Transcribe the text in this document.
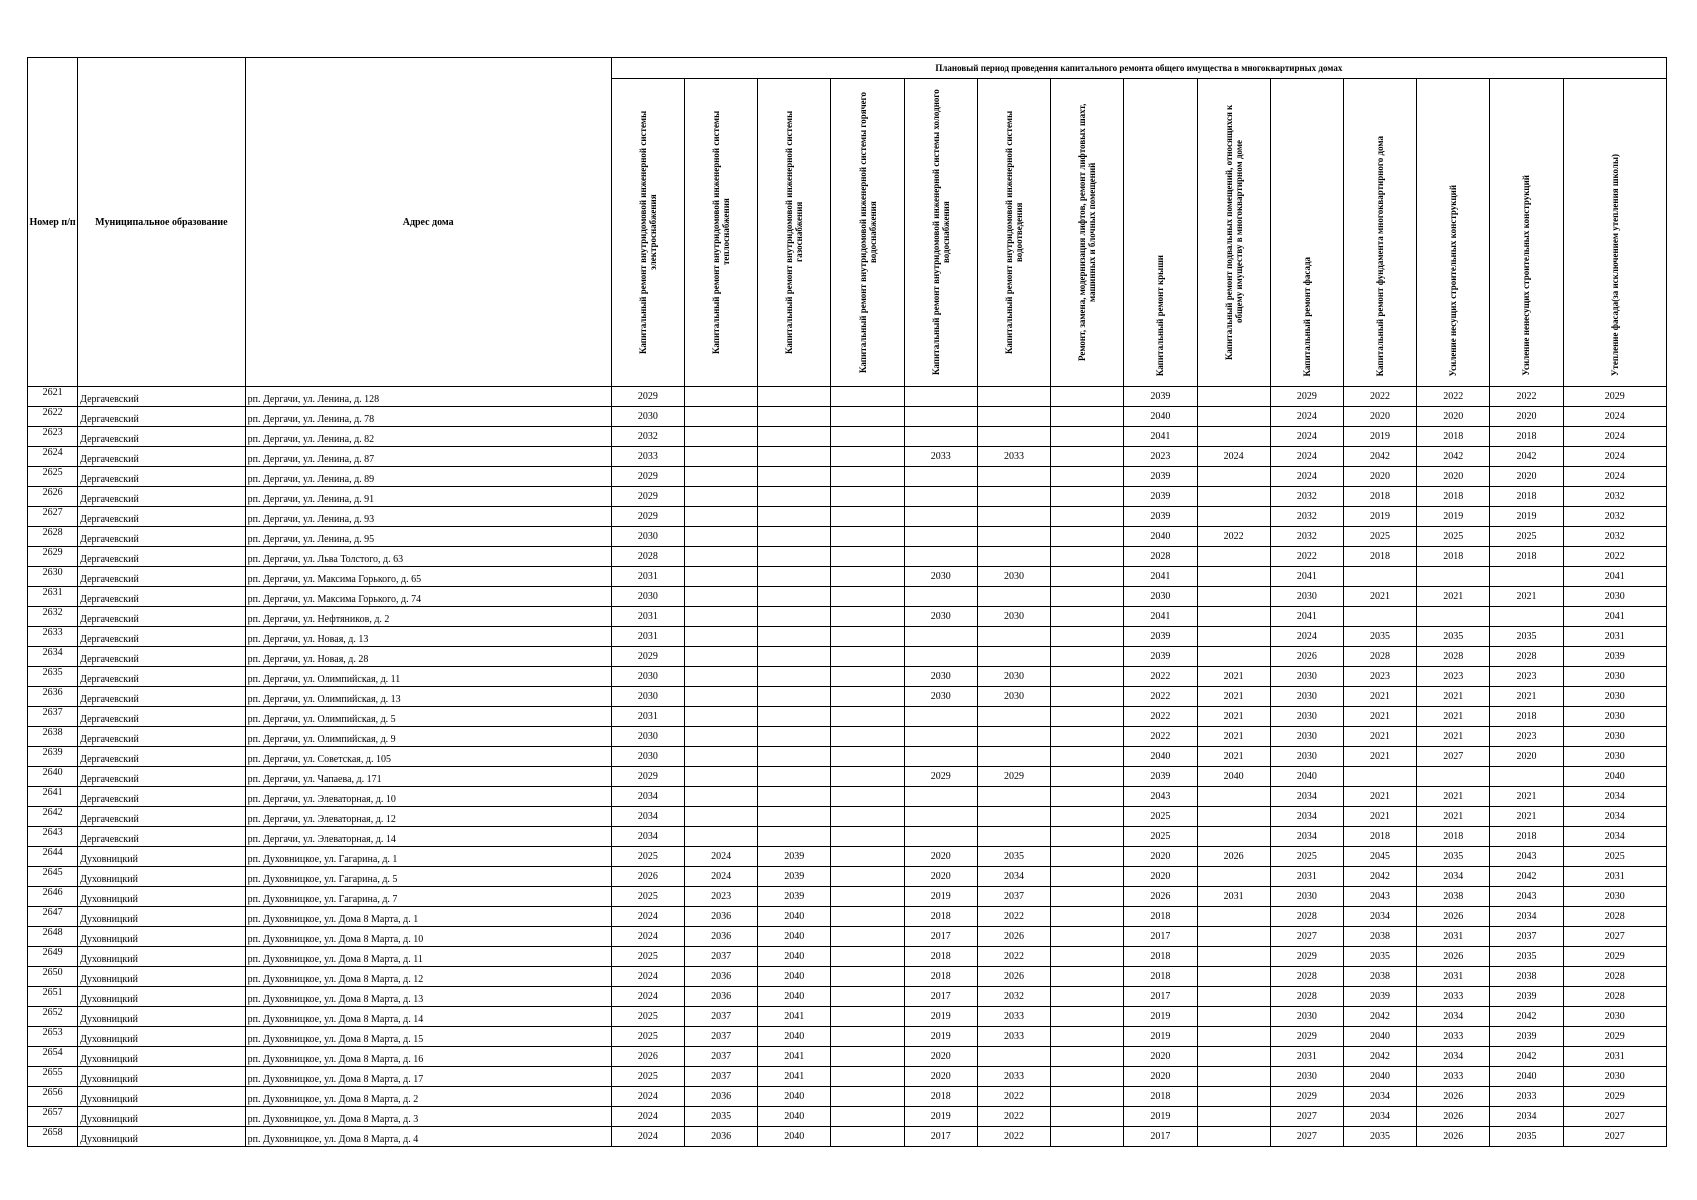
Номер п/п	Муниципальное образование	Адрес дома	Плановый период проведения капитального ремонта общего имущества в многоквартирных домах													
			Капитальный ремонт внутридомовой инженерной системы электроснабжения	Капитальный ремонт внутридомовой инженерной системы теплоснабжения	Капитальный ремонт внутридомовой инженерной системы газоснабжения	Капитальный ремонт внутридомовой инженерной системы горячего водоснабжения	Капитальный ремонт внутридомовой инженерной системы холодного водоснабжения	Капитальный ремонт внутридомовой инженерной системы водоотведения	Ремонт, замена, модернизация лифтов, ремонт лифтовых шахт, машинных и блочных помещений	Капитальный ремонт крыши	Капитальный ремонт подвальных помещений, относящихся к общему имуществу в многоквартирном доме	Капитальный ремонт фасада	Капитальный ремонт фундамента многоквартирного дома	Усиление несущих строительных конструкций	Усиление ненесущих строительных конструкций	Утепление фасада(за исключением утепления школы)
2621	Дергачевский	рп. Дергачи, ул. Ленина, д. 128	2029							2039		2029	2022	2022	2022	2029
2622	Дергачевский	рп. Дергачи, ул. Ленина, д. 78	2030							2040		2024	2020	2020	2020	2024
2623	Дергачевский	рп. Дергачи, ул. Ленина, д. 82	2032							2041		2024	2019	2018	2018	2024
2624	Дергачевский	рп. Дергачи, ул. Ленина, д. 87	2033				2033	2033		2023	2024	2024	2042	2042	2042	2024
2625	Дергачевский	рп. Дергачи, ул. Ленина, д. 89	2029							2039		2024	2020	2020	2020	2024
2626	Дергачевский	рп. Дергачи, ул. Ленина, д. 91	2029							2039		2032	2018	2018	2018	2032
2627	Дергачевский	рп. Дергачи, ул. Ленина, д. 93	2029							2039		2032	2019	2019	2019	2032
2628	Дергачевский	рп. Дергачи, ул. Ленина, д. 95	2030							2040	2022	2032	2025	2025	2025	2032
2629	Дергачевский	рп. Дергачи, ул. Льва Толстого, д. 63	2028							2028		2022	2018	2018	2018	2022
2630	Дергачевский	рп. Дергачи, ул. Максима Горького, д. 65	2031				2030	2030		2041		2041				2041
2631	Дергачевский	рп. Дергачи, ул. Максима Горького, д. 74	2030							2030		2030	2021	2021	2021	2030
2632	Дергачевский	рп. Дергачи, ул. Нефтяников, д. 2	2031				2030	2030		2041		2041				2041
2633	Дергачевский	рп. Дергачи, ул. Новая, д. 13	2031							2039		2024	2035	2035	2035	2031
2634	Дергачевский	рп. Дергачи, ул. Новая, д. 28	2029							2039		2026	2028	2028	2028	2039
2635	Дергачевский	рп. Дергачи, ул. Олимпийская, д. 11	2030				2030	2030		2022	2021	2030	2023	2023	2023	2030
2636	Дергачевский	рп. Дергачи, ул. Олимпийская, д. 13	2030				2030	2030		2022	2021	2030	2021	2021	2021	2030
2637	Дергачевский	рп. Дергачи, ул. Олимпийская, д. 5	2031							2022	2021	2030	2021	2021	2018	2030
2638	Дергачевский	рп. Дергачи, ул. Олимпийская, д. 9	2030							2022	2021	2030	2021	2021	2023	2030
2639	Дергачевский	рп. Дергачи, ул. Советская, д. 105	2030							2040	2021	2030	2021	2027	2020	2030
2640	Дергачевский	рп. Дергачи, ул. Чапаева, д. 171	2029				2029	2029		2039	2040	2040				2040
2641	Дергачевский	рп. Дергачи, ул. Элеваторная, д. 10	2034							2043		2034	2021	2021	2021	2034
2642	Дергачевский	рп. Дергачи, ул. Элеваторная, д. 12	2034							2025		2034	2021	2021	2021	2034
2643	Дергачевский	рп. Дергачи, ул. Элеваторная, д. 14	2034							2025		2034	2018	2018	2018	2034
2644	Духовницкий	рп. Духовницкое, ул. Гагарина, д. 1	2025	2024	2039		2020	2035		2020	2026	2025	2045	2035	2043	2025
2645	Духовницкий	рп. Духовницкое, ул. Гагарина, д. 5	2026	2024	2039		2020	2034		2020		2031	2042	2034	2042	2031
2646	Духовницкий	рп. Духовницкое, ул. Гагарина, д. 7	2025	2023	2039		2019	2037		2026	2031	2030	2043	2038	2043	2030
2647	Духовницкий	рп. Духовницкое, ул. Дома 8 Марта, д. 1	2024	2036	2040		2018	2022		2018		2028	2034	2026	2034	2028
2648	Духовницкий	рп. Духовницкое, ул. Дома 8 Марта, д. 10	2024	2036	2040		2017	2026		2017		2027	2038	2031	2037	2027
2649	Духовницкий	рп. Духовницкое, ул. Дома 8 Марта, д. 11	2025	2037	2040		2018	2022		2018		2029	2035	2026	2035	2029
2650	Духовницкий	рп. Духовницкое, ул. Дома 8 Марта, д. 12	2024	2036	2040		2018	2026		2018		2028	2038	2031	2038	2028
2651	Духовницкий	рп. Духовницкое, ул. Дома 8 Марта, д. 13	2024	2036	2040		2017	2032		2017		2028	2039	2033	2039	2028
2652	Духовницкий	рп. Духовницкое, ул. Дома 8 Марта, д. 14	2025	2037	2041		2019	2033		2019		2030	2042	2034	2042	2030
2653	Духовницкий	рп. Духовницкое, ул. Дома 8 Марта, д. 15	2025	2037	2040		2019	2033		2019		2029	2040	2033	2039	2029
2654	Духовницкий	рп. Духовницкое, ул. Дома 8 Марта, д. 16	2026	2037	2041		2020			2020		2031	2042	2034	2042	2031
2655	Духовницкий	рп. Духовницкое, ул. Дома 8 Марта, д. 17	2025	2037	2041		2020	2033		2020		2030	2040	2033	2040	2030
2656	Духовницкий	рп. Духовницкое, ул. Дома 8 Марта, д. 2	2024	2036	2040		2018	2022		2018		2029	2034	2026	2033	2029
2657	Духовницкий	рп. Духовницкое, ул. Дома 8 Марта, д. 3	2024	2035	2040		2019	2022		2019		2027	2034	2026	2034	2027
2658	Духовницкий	рп. Духовницкое, ул. Дома 8 Марта, д. 4	2024	2036	2040		2017	2022		2017		2027	2035	2026	2035	2027
